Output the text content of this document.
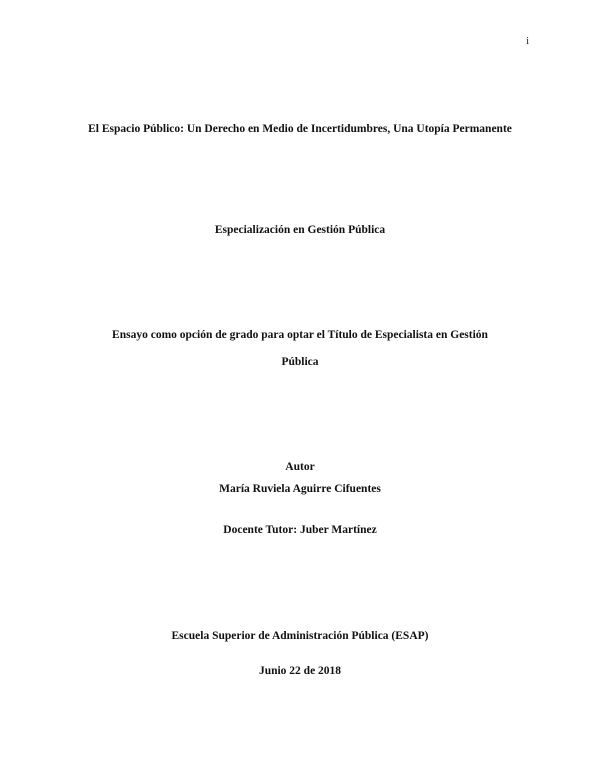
i
El Espacio Público: Un Derecho en Medio de Incertidumbres, Una Utopía Permanente
Especialización en Gestión Pública
Ensayo como opción de grado para optar el Título de Especialista en Gestión
Pública
Autor
María Ruviela Aguirre Cifuentes
Docente Tutor: Juber Martínez
Escuela Superior de Administración Pública (ESAP)
Junio 22 de 2018
